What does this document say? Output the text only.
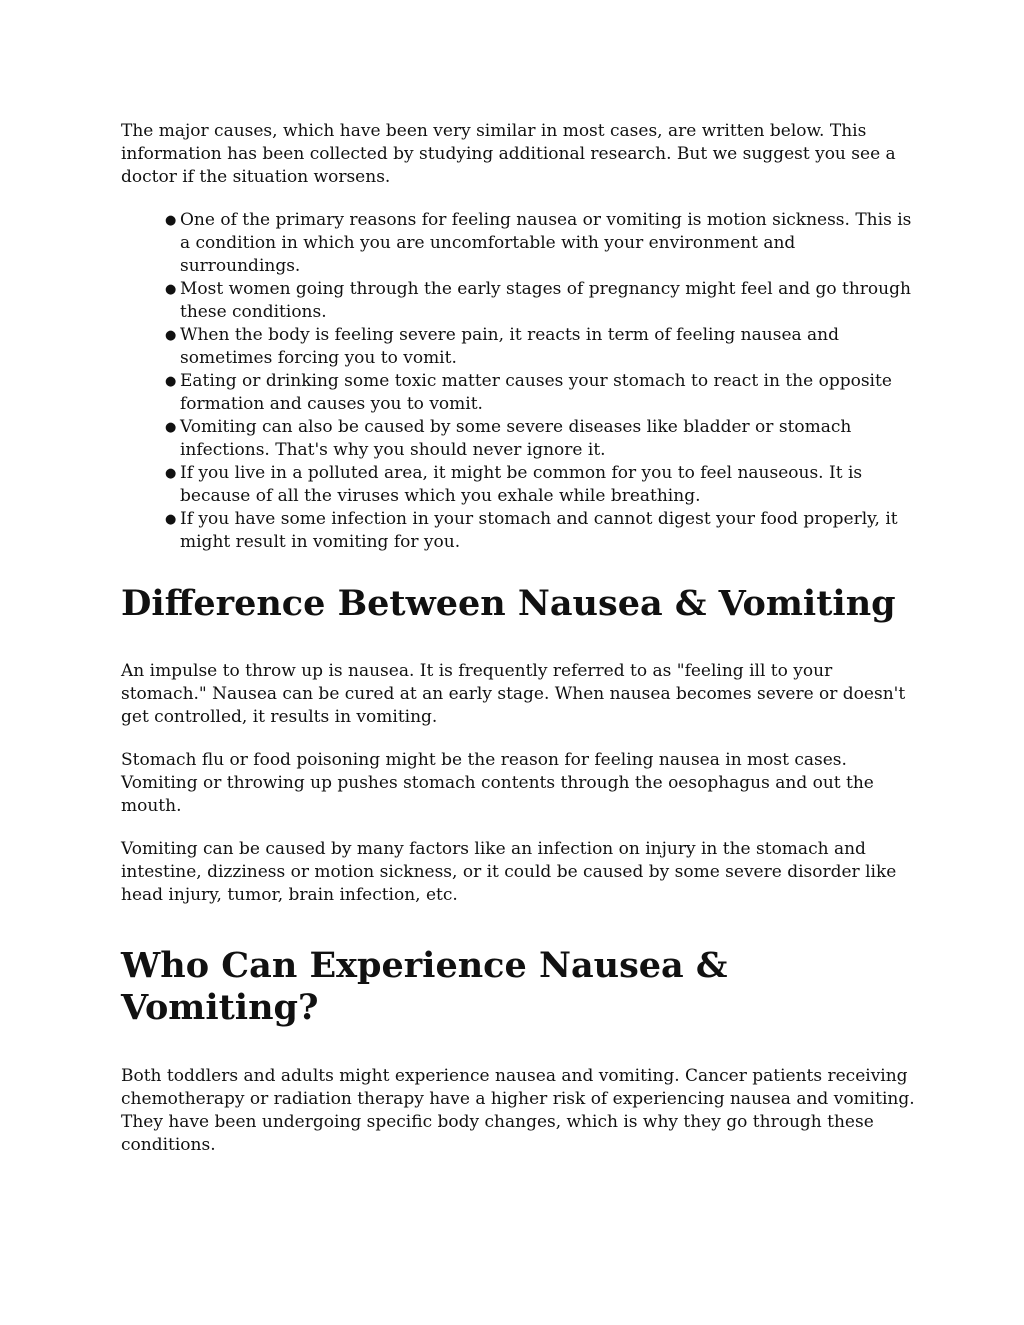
The major causes, which have been very similar in most cases, are written below. This information has been collected by studying additional research. But we suggest you see a doctor if the situation worsens.

● One of the primary reasons for feeling nausea or vomiting is motion sickness. This is a condition in which you are uncomfortable with your environment and surroundings.
● Most women going through the early stages of pregnancy might feel and go through these conditions.
● When the body is feeling severe pain, it reacts in term of feeling nausea and sometimes forcing you to vomit.
● Eating or drinking some toxic matter causes your stomach to react in the opposite formation and causes you to vomit.
● Vomiting can also be caused by some severe diseases like bladder or stomach infections. That's why you should never ignore it.
● If you live in a polluted area, it might be common for you to feel nauseous. It is because of all the viruses which you exhale while breathing.
● If you have some infection in your stomach and cannot digest your food properly, it might result in vomiting for you.
Difference Between Nausea & Vomiting

An impulse to throw up is nausea. It is frequently referred to as "feeling ill to your stomach." Nausea can be cured at an early stage. When nausea becomes severe or doesn't get controlled, it results in vomiting.

Stomach flu or food poisoning might be the reason for feeling nausea in most cases. Vomiting or throwing up pushes stomach contents through the oesophagus and out the mouth.

Vomiting can be caused by many factors like an infection on injury in the stomach and intestine, dizziness or motion sickness, or it could be caused by some severe disorder like head injury, tumor, brain infection, etc.

Who Can Experience Nausea & Vomiting?

Both toddlers and adults might experience nausea and vomiting. Cancer patients receiving chemotherapy or radiation therapy have a higher risk of experiencing nausea and vomiting. They have been undergoing specific body changes, which is why they go through these conditions.
